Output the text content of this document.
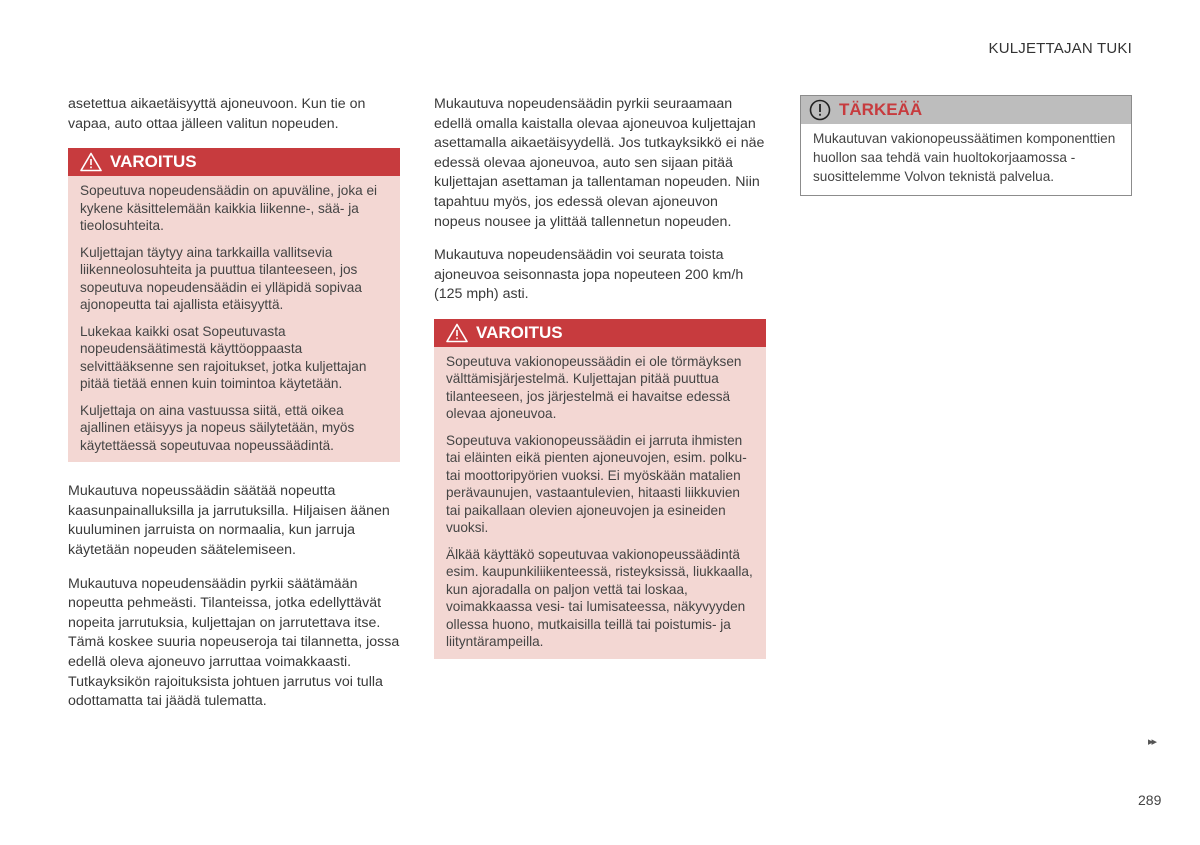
KULJETTAJAN TUKI

asetettua aikaetäisyyttä ajoneuvoon. Kun tie on vapaa, auto ottaa jälleen valitun nopeuden.

VAROITUS

Sopeutuva nopeudensäädin on apuväline, joka ei kykene käsittelemään kaikkia liikenne-, sää- ja tieolosuhteita.

Kuljettajan täytyy aina tarkkailla vallitsevia liikenneolosuhteita ja puuttua tilanteeseen, jos sopeutuva nopeudensäädin ei ylläpidä sopivaa ajonopeutta tai ajallista etäisyyttä.

Lukekaa kaikki osat Sopeutuvasta nopeudensäätimestä käyttöoppaasta selvittääksenne sen rajoitukset, jotka kuljettajan pitää tietää ennen kuin toimintoa käytetään.

Kuljettaja on aina vastuussa siitä, että oikea ajallinen etäisyys ja nopeus säilytetään, myös käytettäessä sopeutuvaa nopeussäädintä.

Mukautuva nopeussäädin säätää nopeutta kaasunpainalluksilla ja jarrutuksilla. Hiljaisen äänen kuuluminen jarruista on normaalia, kun jarruja käytetään nopeuden säätelemiseen.

Mukautuva nopeudensäädin pyrkii säätämään nopeutta pehmeästi. Tilanteissa, jotka edellyttävät nopeita jarrutuksia, kuljettajan on jarrutettava itse. Tämä koskee suuria nopeuseroja tai tilannetta, jossa edellä oleva ajoneuvo jarruttaa voimakkaasti. Tutkayksikön rajoituksista johtuen jarrutus voi tulla odottamatta tai jäädä tulematta.

Mukautuva nopeudensäädin pyrkii seuraamaan edellä omalla kaistalla olevaa ajoneuvoa kuljettajan asettamalla aikaetäisyydellä. Jos tutkayksikkö ei näe edessä olevaa ajoneuvoa, auto sen sijaan pitää kuljettajan asettaman ja tallentaman nopeuden. Niin tapahtuu myös, jos edessä olevan ajoneuvon nopeus nousee ja ylittää tallennetun nopeuden.

Mukautuva nopeudensäädin voi seurata toista ajoneuvoa seisonnasta jopa nopeuteen 200 km/h (125 mph) asti.

VAROITUS

Sopeutuva vakionopeussäädin ei ole törmäyksen välttämisjärjestelmä. Kuljettajan pitää puuttua tilanteeseen, jos järjestelmä ei havaitse edessä olevaa ajoneuvoa.

Sopeutuva vakionopeussäädin ei jarruta ihmisten tai eläinten eikä pienten ajoneuvojen, esim. polku- tai moottoripyörien vuoksi. Ei myöskään matalien perävaunujen, vastaantulevien, hitaasti liikkuvien tai paikallaan olevien ajoneuvojen ja esineiden vuoksi.

Älkää käyttäkö sopeutuvaa vakionopeussäädintä esim. kaupunkiliikenteessä, risteyksissä, liukkaalla, kun ajoradalla on paljon vettä tai loskaa, voimakkaassa vesi- tai lumisateessa, näkyvyyden ollessa huono, mutkaisilla teillä tai poistumis- ja liityntärampeilla.

TÄRKEÄÄ

Mukautuvan vakionopeussäätimen komponenttien huollon saa tehdä vain huoltokorjaamossa - suosittelemme Volvon teknistä palvelua.

▸▸
289
